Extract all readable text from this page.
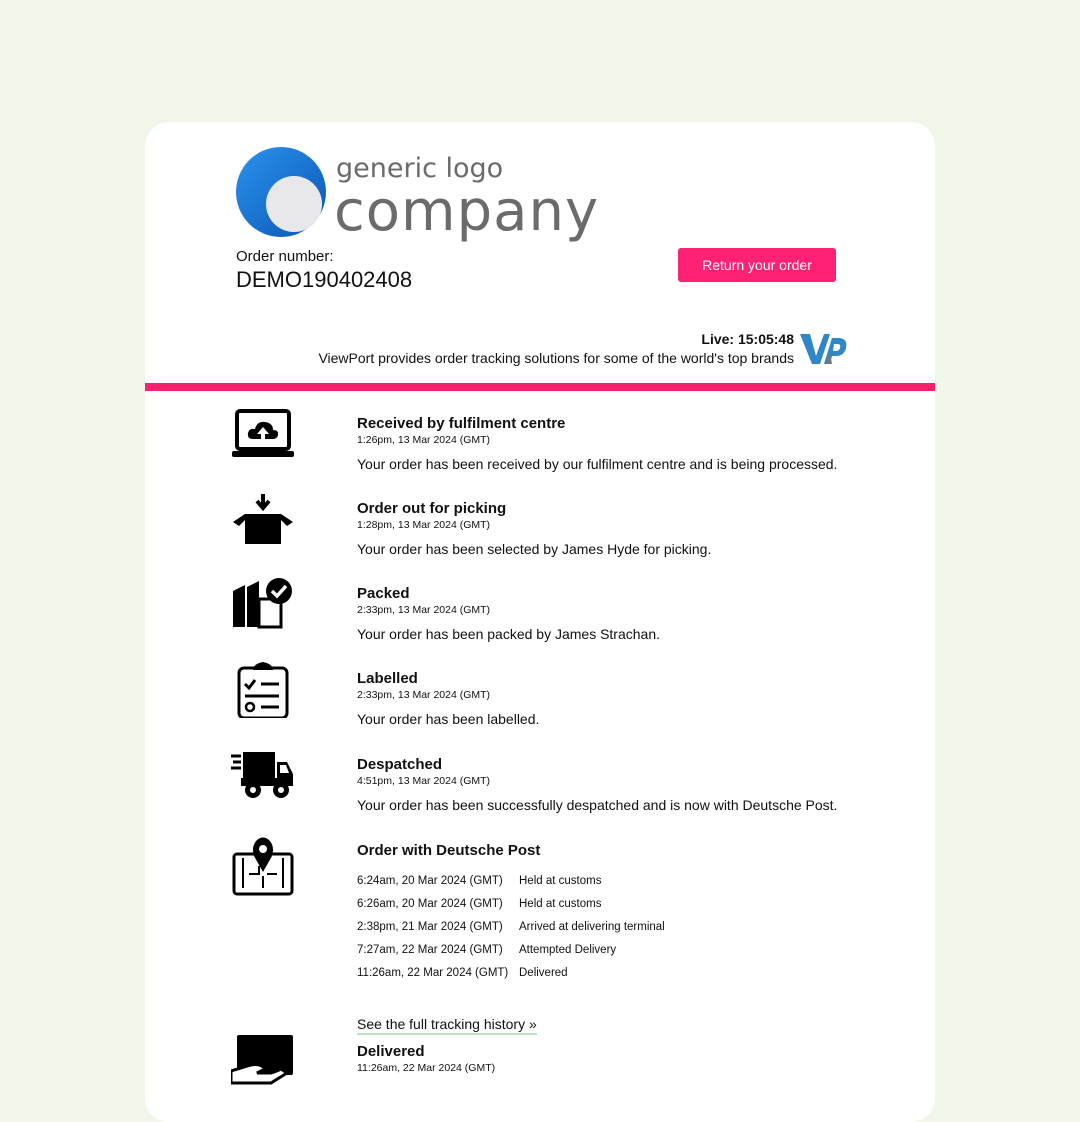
generic logo
company
Order number:
DEMO190402408
Return your order
Live: 15:05:48
ViewPort provides order tracking solutions for some of the world's top brands
Received by fulfilment centre
1:26pm, 13 Mar 2024 (GMT)
Your order has been received by our fulfilment centre and is being processed.
Order out for picking
1:28pm, 13 Mar 2024 (GMT)
Your order has been selected by James Hyde for picking.
Packed
2:33pm, 13 Mar 2024 (GMT)
Your order has been packed by James Strachan.
Labelled
2:33pm, 13 Mar 2024 (GMT)
Your order has been labelled.
Despatched
4:51pm, 13 Mar 2024 (GMT)
Your order has been successfully despatched and is now with Deutsche Post.
Order with Deutsche Post
6:24am, 20 Mar 2024 (GMT) Held at customs
6:26am, 20 Mar 2024 (GMT) Held at customs
2:38pm, 21 Mar 2024 (GMT) Arrived at delivering terminal
7:27am, 22 Mar 2024 (GMT) Attempted Delivery
11:26am, 22 Mar 2024 (GMT) Delivered
See the full tracking history »
Delivered
11:26am, 22 Mar 2024 (GMT)
